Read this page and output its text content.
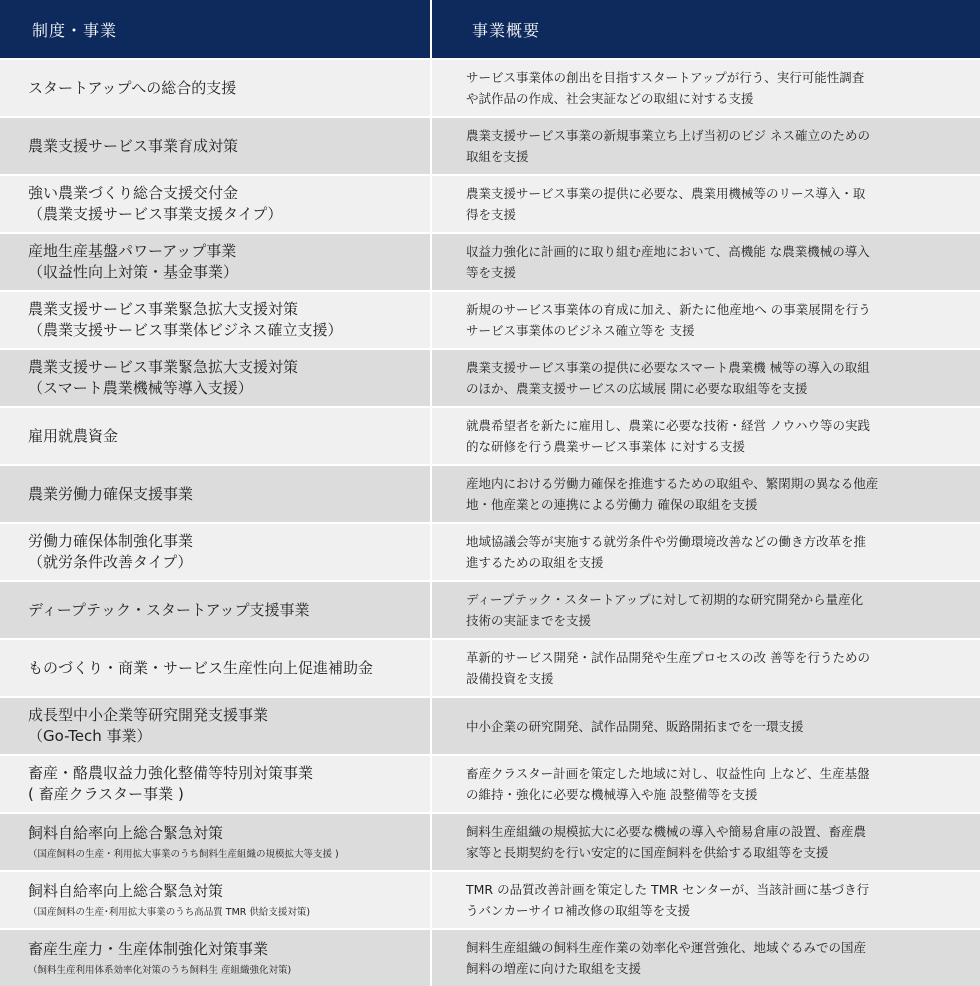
制度・事業	事業概要
スタートアップへの総合的支援
サービス事業体の創出を目指すスタートアップが行う、実行可能性調査
や試作品の作成、社会実証などの取組に対する支援
農業支援サービス事業育成対策
農業支援サービス事業の新規事業立ち上げ当初のビジ ネス確立のための
取組を支援
強い農業づくり総合支援交付金
（農業支援サービス事業支援タイプ）
農業支援サービス事業の提供に必要な、農業用機械等のリース導入・取
得を支援
産地生産基盤パワーアップ事業
（収益性向上対策・基金事業）
収益力強化に計画的に取り組む産地において、高機能 な農業機械の導入
等を支援
農業支援サービス事業緊急拡大支援対策
（農業支援サービス事業体ビジネス確立支援）
新規のサービス事業体の育成に加え、新たに他産地へ の事業展開を行う
サービス事業体のビジネス確立等を 支援
農業支援サービス事業緊急拡大支援対策
（スマート農業機械等導入支援）
農業支援サービス事業の提供に必要なスマート農業機 械等の導入の取組
のほか、農業支援サービスの広域展 開に必要な取組等を支援
雇用就農資金
就農希望者を新たに雇用し、農業に必要な技術・経営 ノウハウ等の実践
的な研修を行う農業サービス事業体 に対する支援
農業労働力確保支援事業
産地内における労働力確保を推進するための取組や、繁閑期の異なる他産
地・他産業との連携による労働力 確保の取組を支援
労働力確保体制強化事業
（就労条件改善タイプ）
地域協議会等が実施する就労条件や労働環境改善などの働き方改革を推
進するための取組を支援
ディープテック・スタートアップ支援事業
ディープテック・スタートアップに対して初期的な研究開発から量産化
技術の実証までを支援
ものづくり・商業・サービス生産性向上促進補助金
革新的サービス開発・試作品開発や生産プロセスの改 善等を行うための
設備投資を支援
成長型中小企業等研究開発支援事業
（Go-Tech 事業）
中小企業の研究開発、試作品開発、販路開拓までを一環支援
畜産・酪農収益力強化整備等特別対策事業
( 畜産クラスター事業 )
畜産クラスター計画を策定した地域に対し、収益性向 上など、生産基盤
の維持・強化に必要な機械導入や施 設整備等を支援
飼料自給率向上総合緊急対策
（国産飼料の生産・利用拡大事業のうち飼料生産組織の規模拡大等支援 )
飼料生産組織の規模拡大に必要な機械の導入や簡易倉庫の設置、畜産農
家等と長期契約を行い安定的に国産飼料を供給する取組等を支援
飼料自給率向上総合緊急対策
（国産飼料の生産･利用拡大事業のうち高品質 TMR 供給支援対策)
TMR の品質改善計画を策定した TMR センターが、当該計画に基づき行
うバンカーサイロ補改修の取組等を支援
畜産生産力・生産体制強化対策事業
（飼料生産利用体系効率化対策のうち飼料生 産組織強化対策)
飼料生産組織の飼料生産作業の効率化や運営強化、地域ぐるみでの国産
飼料の増産に向けた取組を支援
